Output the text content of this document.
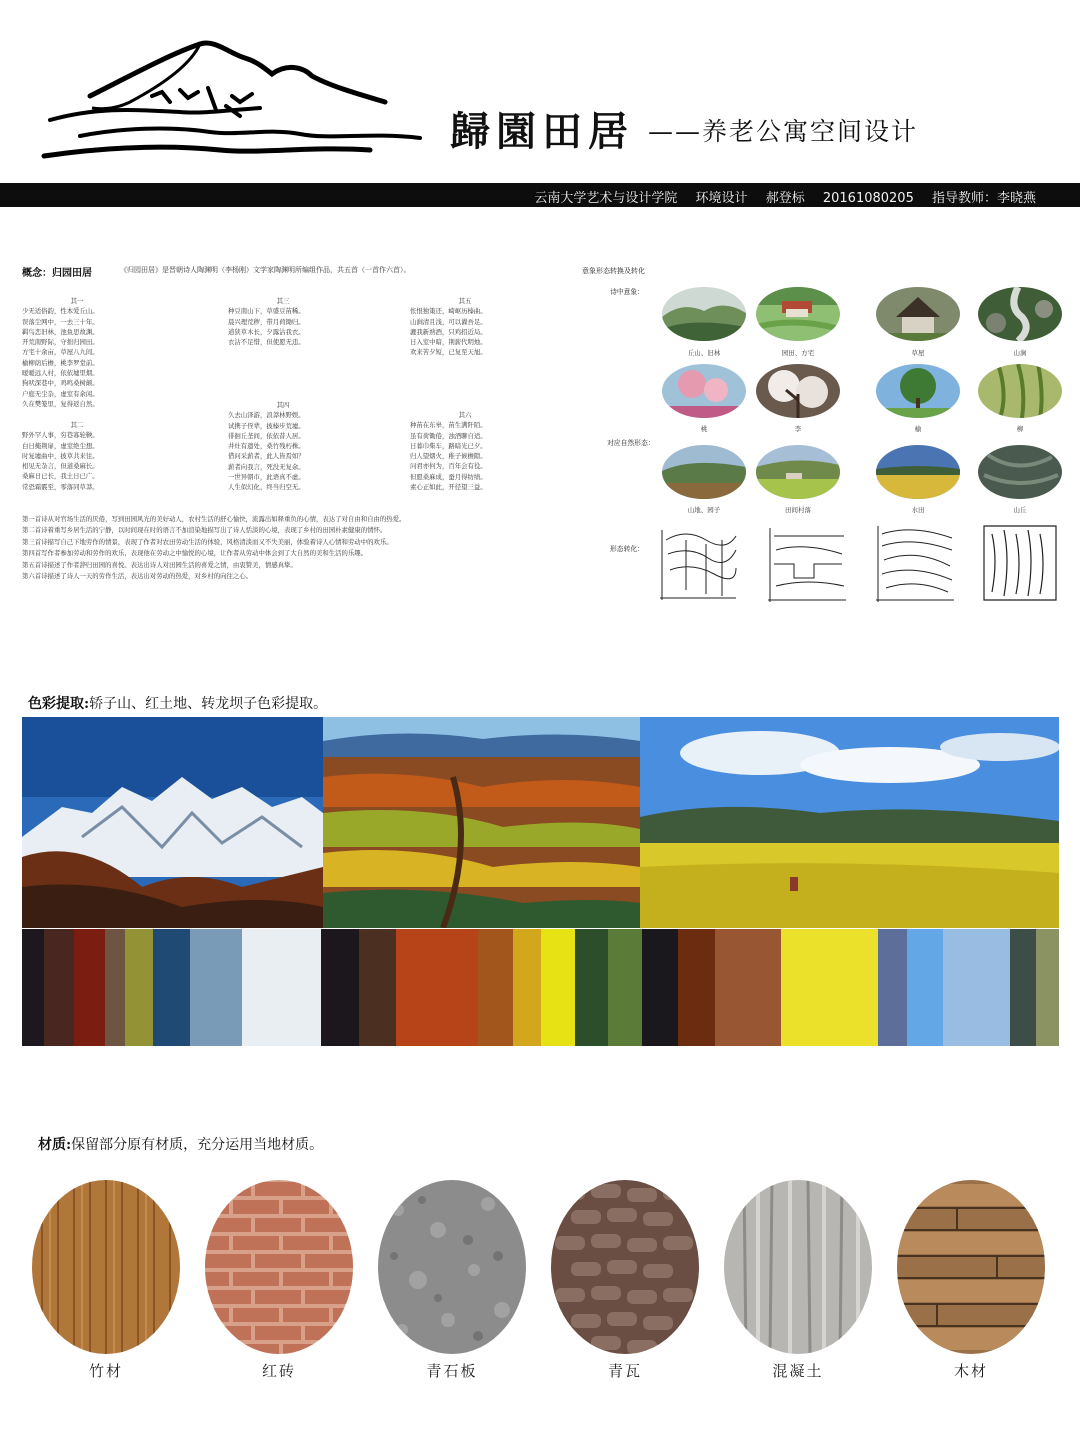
歸園田居 ——养老公寓空间设计
云南大学艺术与设计学院 环境设计 郝登标 20161080205 指导教师：李晓燕
概念：归园田居	《归园田居》是晋朝诗人陶渊明（李杨刚）文学家陶渊明所编组作品，共五首（一首作六首）。
其一
少无适俗韵，性本爱丘山。
误落尘网中，一去三十年。
羁鸟恋旧林，池鱼思故渊。
开荒南野际，守拙归园田。
方宅十余亩，草屋八九间。
榆柳荫后檐，桃李罗堂前。
暧暧远人村，依依墟里烟。
狗吠深巷中，鸡鸣桑树颠。
户庭无尘杂，虚室有余闲。
久在樊笼里，复得返自然。
其二
野外罕人事，穷巷寡轮鞅。
白日掩荆扉，虚室绝尘想。
时复墟曲中，披草共来往。
相见无杂言，但道桑麻长。
桑麻日已长，我土日已广。
常恐霜霰至，零落同草莽。
其三
种豆南山下，草盛豆苗稀。
晨兴理荒秽，带月荷锄归。
道狭草木长，夕露沾我衣。
衣沾不足惜，但使愿无违。
其四
久去山泽游，浪莽林野娱。
试携子侄辈，披榛步荒墟。
徘徊丘垄间，依依昔人居。
井灶有遗处，桑竹残朽株。
借问采薪者，此人皆焉如？
薪者向我言，死没无复余。
一世异朝市，此语真不虚。
人生似幻化，终当归空无。
其五
怅恨独策还，崎岖历榛曲。
山涧清且浅，可以濯吾足。
漉我新熟酒，只鸡招近局。
日入室中暗，荆薪代明烛。
欢来苦夕短，已复至天旭。
其六
种苗在东皋，苗生满阡陌。
虽有荷锄倦，浊酒聊自适。
日暮巾柴车，路暗光已夕。
归人望烟火，稚子候檐隙。
问君亦何为，百年会有役。
但愿桑麻成，蚕月得纺绩。
素心正如此，开径望三益。
第一首诗从对官场生活的厌倦，写到田园风光的美好动人，农村生活的舒心愉快，流露出如释重负的心情，表达了对自由和自由的热爱。
第二首诗着重写乡居生活的宁静，以时间现在时的语言不加渲染地描写出了诗人恬淡的心境，表现了乡村的田园朴素健康的情怀。
第三首诗描写自己下地劳作的情景，表现了作者对农田劳动生活的体验，风格清淡而又不失美丽，体验着诗人心情和劳动中的欢乐。
第四首写作者参加劳动和劳作的欢乐，表现他在劳动之中愉悦的心境，让作者从劳动中体会到了大自然的美和生活的乐趣。
第五首诗描述了作者辞归田园的喜悦。表达出诗人对田园生活的喜爱之情，由衷赞美，情感真挚。
第六首诗描述了诗人一天的劳作生活，表达出对劳动的热爱，对乡村的向往之心。
意象形态转换及转化
诗中意象：
对应自然形态：
形态转化：
丘山、旧林	园田、方宅	草屋	山涧
桃	李	榆	柳
山地、园子	田间村落	水田	山丘
色彩提取:轿子山、红土地、转龙坝子色彩提取。
材质:保留部分原有材质，充分运用当地材质。
竹材	红砖	青石板	青瓦	混凝土	木材
